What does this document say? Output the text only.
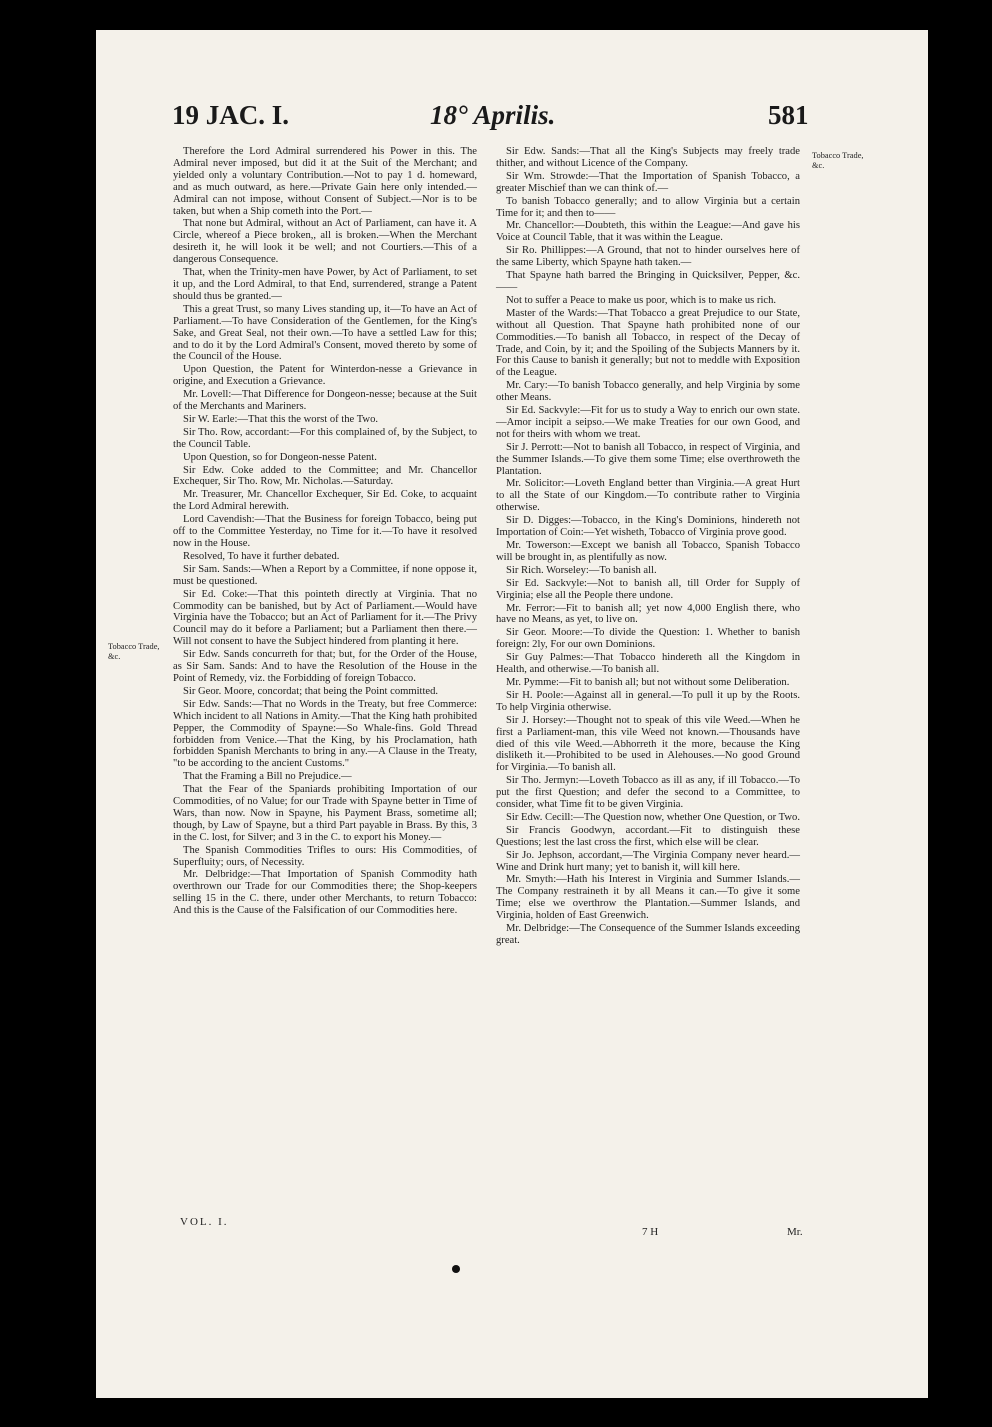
19 JAC. I.	18° Aprilis.	581
Tobacco Trade, &c.
Tobacco Trade, &c.

Therefore the Lord Admiral surrendered his Power in this. The Admiral never imposed, but did it at the Suit of the Merchant; and yielded only a voluntary Contribution.—Not to pay 1 d. homeward, and as much outward, as here.—Private Gain here only intended.—Admiral can not impose, without Consent of Subject.—Nor is to be taken, but when a Ship cometh into the Port.—

That none but Admiral, without an Act of Parliament, can have it. A Circle, whereof a Piece broken,, all is broken.—When the Merchant desireth it, he will look it be well; and not Courtiers.—This of a dangerous Consequence.

That, when the Trinity-men have Power, by Act of Parliament, to set it up, and the Lord Admiral, to that End, surrendered, strange a Patent should thus be granted.—

This a great Trust, so many Lives standing up, it—To have an Act of Parliament.—To have Consideration of the Gentlemen, for the King's Sake, and Great Seal, not their own.—To have a settled Law for this; and to do it by the Lord Admiral's Consent, moved thereto by some of the Council of the House.

Upon Question, the Patent for Winterdon-nesse a Grievance in origine, and Execution a Grievance.

Mr. Lovell:—That Difference for Dongeon-nesse; because at the Suit of the Merchants and Mariners.

Sir W. Earle:—That this the worst of the Two.

Sir Tho. Row, accordant:—For this complained of, by the Subject, to the Council Table.

Upon Question, so for Dongeon-nesse Patent.

Sir Edw. Coke added to the Committee; and Mr. Chancellor Exchequer, Sir Tho. Row, Mr. Nicholas.—Saturday.

Mr. Treasurer, Mr. Chancellor Exchequer, Sir Ed. Coke, to acquaint the Lord Admiral herewith.

Lord Cavendish:—That the Business for foreign Tobacco, being put off to the Committee Yesterday, no Time for it.—To have it resolved now in the House.

Resolved, To have it further debated.

Sir Sam. Sands:—When a Report by a Committee, if none oppose it, must be questioned.

Sir Ed. Coke:—That this pointeth directly at Virginia. That no Commodity can be banished, but by Act of Parliament.—Would have Virginia have the Tobacco; but an Act of Parliament for it.—The Privy Council may do it before a Parliament; but a Parliament then there.—Will not consent to have the Subject hindered from planting it here.

Sir Edw. Sands concurreth for that; but, for the Order of the House, as Sir Sam. Sands: And to have the Resolution of the House in the Point of Remedy, viz. the Forbidding of foreign Tobacco.

Sir Geor. Moore, concordat; that being the Point committed.

Sir Edw. Sands:—That no Words in the Treaty, but free Commerce: Which incident to all Nations in Amity.—That the King hath prohibited Pepper, the Commodity of Spayne:—So Whale-fins. Gold Thread forbidden from Venice.—That the King, by his Proclamation, hath forbidden Spanish Merchants to bring in any.—A Clause in the Treaty, "to be according to the ancient Customs."

That the Framing a Bill no Prejudice.—

That the Fear of the Spaniards prohibiting Importation of our Commodities, of no Value; for our Trade with Spayne better in Time of Wars, than now. Now in Spayne, his Payment Brass, sometime all; though, by Law of Spayne, but a third Part payable in Brass. By this, 3 in the C. lost, for Silver; and 3 in the C. to export his Money.—

The Spanish Commodities Trifles to ours: His Commodities, of Superfluity; ours, of Necessity.

Mr. Delbridge:—That Importation of Spanish Commodity hath overthrown our Trade for our Commodities there; the Shop-keepers selling 15 in the C. there, under other Merchants, to return Tobacco: And this is the Cause of the Falsification of our Commodities here.

Sir Edw. Sands:—That all the King's Subjects may freely trade thither, and without Licence of the Company.

Sir Wm. Strowde:—That the Importation of Spanish Tobacco, a greater Mischief than we can think of.—

To banish Tobacco generally; and to allow Virginia but a certain Time for it; and then to——

Mr. Chancellor:—Doubteth, this within the League:—And gave his Voice at Council Table, that it was within the League.

Sir Ro. Phillippes:—A Ground, that not to hinder ourselves here of the same Liberty, which Spayne hath taken.—

That Spayne hath barred the Bringing in Quicksilver, Pepper, &c.——

Not to suffer a Peace to make us poor, which is to make us rich.

Master of the Wards:—That Tobacco a great Prejudice to our State, without all Question. That Spayne hath prohibited none of our Commodities.—To banish all Tobacco, in respect of the Decay of Trade, and Coin, by it; and the Spoiling of the Subjects Manners by it. For this Cause to banish it generally; but not to meddle with Exposition of the League.

Mr. Cary:—To banish Tobacco generally, and help Virginia by some other Means.

Sir Ed. Sackvyle:—Fit for us to study a Way to enrich our own state.—Amor incipit a seipso.—We make Treaties for our own Good, and not for theirs with whom we treat.

Sir J. Perrott:—Not to banish all Tobacco, in respect of Virginia, and the Summer Islands.—To give them some Time; else overthroweth the Plantation.

Mr. Solicitor:—Loveth England better than Virginia.—A great Hurt to all the State of our Kingdom.—To contribute rather to Virginia otherwise.

Sir D. Digges:—Tobacco, in the King's Dominions, hindereth not Importation of Coin:—Yet wisheth, Tobacco of Virginia prove good.

Mr. Towerson:—Except we banish all Tobacco, Spanish Tobacco will be brought in, as plentifully as now.

Sir Rich. Worseley:—To banish all.

Sir Ed. Sackvyle:—Not to banish all, till Order for Supply of Virginia; else all the People there undone.

Mr. Ferror:—Fit to banish all; yet now 4,000 English there, who have no Means, as yet, to live on.

Sir Geor. Moore:—To divide the Question: 1. Whether to banish foreign: 2ly, For our own Dominions.

Sir Guy Palmes:—That Tobacco hindereth all the Kingdom in Health, and otherwise.—To banish all.

Mr. Pymme:—Fit to banish all; but not without some Deliberation.

Sir H. Poole:—Against all in general.—To pull it up by the Roots. To help Virginia otherwise.

Sir J. Horsey:—Thought not to speak of this vile Weed.—When he first a Parliament-man, this vile Weed not known.—Thousands have died of this vile Weed.—Abhorreth it the more, because the King disliketh it.—Prohibited to be used in Alehouses.—No good Ground for Virginia.—To banish all.

Sir Tho. Jermyn:—Loveth Tobacco as ill as any, if ill Tobacco.—To put the first Question; and defer the second to a Committee, to consider, what Time fit to be given Virginia.

Sir Edw. Cecill:—The Question now, whether One Question, or Two.

Sir Francis Goodwyn, accordant.—Fit to distinguish these Questions; lest the last cross the first, which else will be clear.

Sir Jo. Jephson, accordant,—The Virginia Company never heard.—Wine and Drink hurt many; yet to banish it, will kill here.

Mr. Smyth:—Hath his Interest in Virginia and Summer Islands.—The Company restraineth it by all Means it can.—To give it some Time; else we overthrow the Plantation.—Summer Islands, and Virginia, holden of East Greenwich.

Mr. Delbridge:—The Consequence of the Summer Islands exceeding great.

VOL. I.
7 H	Mr.
